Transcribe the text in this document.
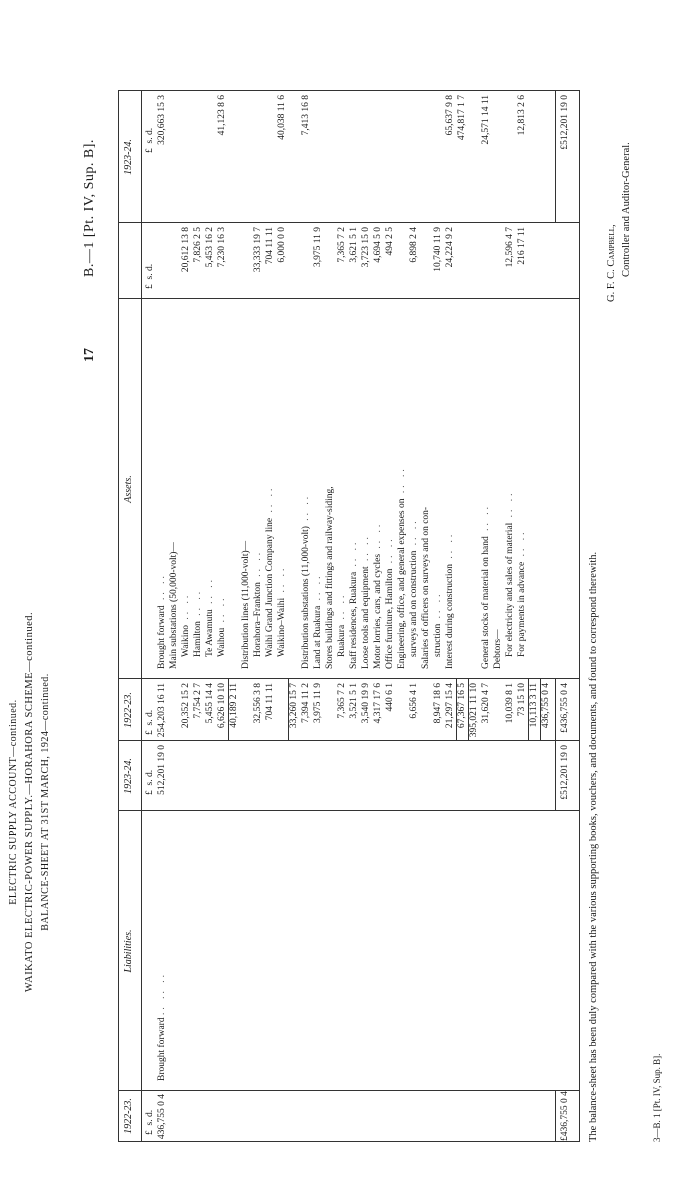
ELECTRIC SUPPLY ACCOUNT—continued. WAIKATO ELECTRIC-POWER SUPPLY.—HORAHORA SCHEME—continued. BALANCE-SHEET AT 31ST MARCH, 1924—continued.
17
B.—1 [Pt. IV, Sup. B].
1922-23.
Liabilities.
1923-24.
1922-23.
Assets.
1923-24.
£  s. d.
£  s. d.
£  s. d.
£  s. d.
£  s. d.
436,755 0 4
Brought forward .. .. ..
512,201 19 0
£436,755 0 4
£512,201 19 0
£436,755 0 4
£512,201 19 0
254,203 16 11
Brought forward .. ..
320,663 15 3
Main substations (50,000-volt)—
20,352 15 2
Waikino .. ..
20,612 13 8
7,754 2 7
Hamilton .. ..
7,826 2 5
5,455 14 4
Te Awamutu .. ..
5,453 16 2
6,626 10 10
Waihou .. ..
7,230 16 3
41,123 8 6
40,189 2 11
Distribution lines (11,000-volt)—
32,556 3 8
Horahora–Frankton .. ..
33,333 19 7
704 11 11
Waihi Grand Junction Company line .. ..
704 11 11
Waikino–Waihi .. ..
6,000 0 0
40,038 11 6
33,260 15 7 7,394 11 2
Distribution substations (11,000-volt) .. ..
7,413 16 8
3,975 11 9
Land at Ruakura .. ..
3,975 11 9
Stores buildings and fittings and railway-siding,
7,365 7 2
Ruakura .. ..
7,365 7 2
3,521 5 1
Staff residences, Ruakura .. ..
3,621 5 1
3,540 19 9
Loose tools and equipment .. ..
3,723 15 0
4,317 17 6
Motor lorries, cars, and cycles .. ..
4,694 5 0
440 6 1
Office furniture, Hamilton .. ..
494 2 5
Engineering, office, and general expenses on .. ..
6,656 4 1
surveys and on construction .. ..
6,898 2 4
Salaries of officers on surveys and on con-
8,947 18 6
struction .. ..
10,740 11 9
21,297 15 4
Interest during construction .. ..
24,224 9 2
65,637 9 8
67,367 16 5
474,817 1 7
395,021 11 10 31,620 4 7
General stocks of material on hand .. ..
24,571 14 11
Debtors—
10,039 8 1
For electricity and sales of material .. ..
12,596 4 7
73 15 10
For payments in advance .. ..
216 17 11
12,813 2 6
10,113 3 11 436,755 0 4	The balance-sheet has been duly compared with the various supporting books, vouchers, and documents, and found to correspond therewith.
G. F. C. Campbell, Controller and Auditor-General.
3—B. 1 [Pt. IV, Sup. B].
